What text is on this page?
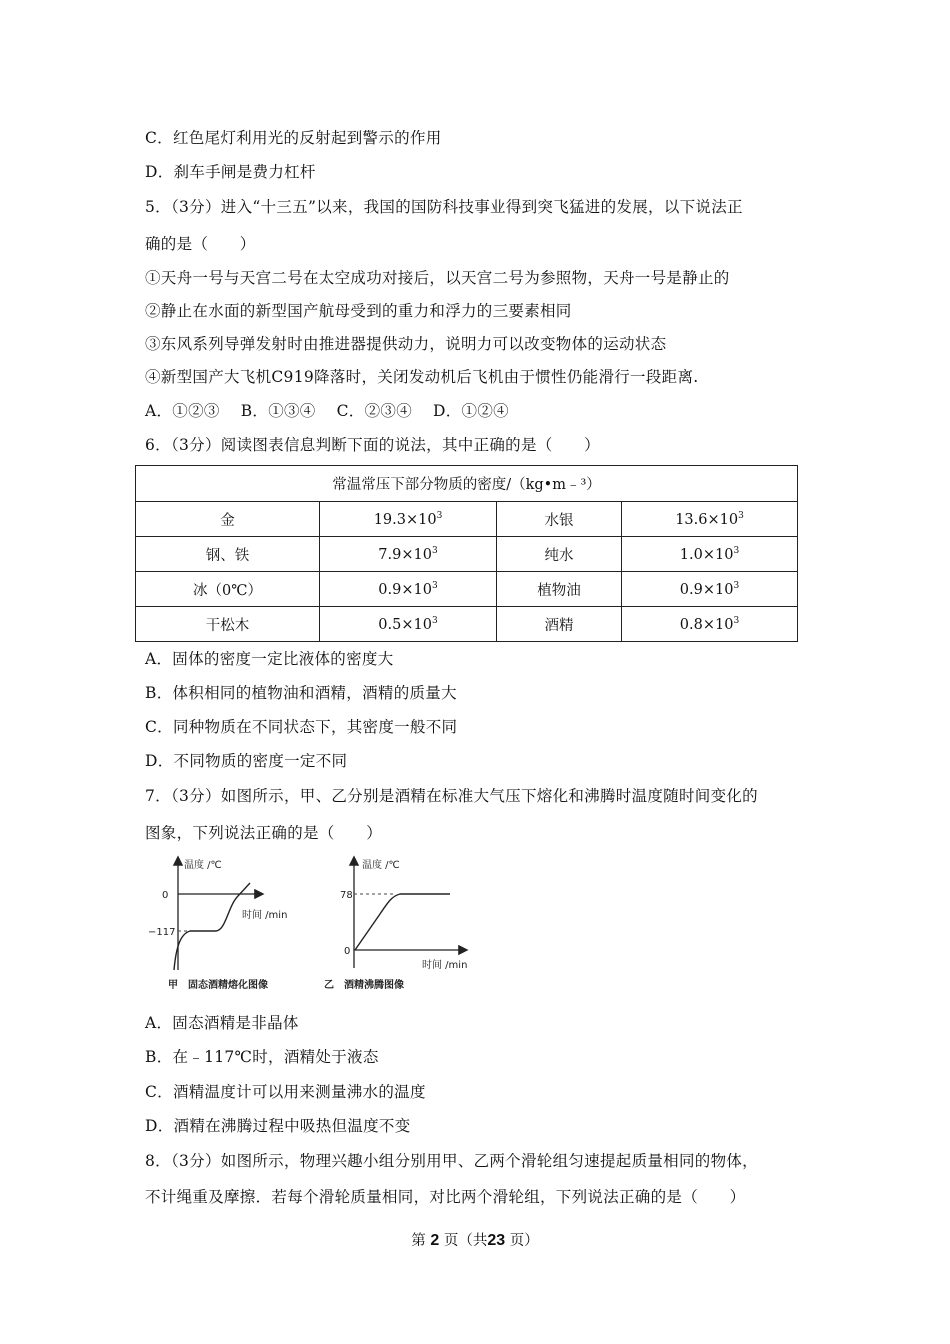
C．红色尾灯利用光的反射起到警示的作用
D．刹车手闸是费力杠杆
5．（3分）进入“十三五”以来，我国的国防科技事业得到突飞猛进的发展，以下说法正
确的是（　　）
①天舟一号与天宫二号在太空成功对接后，以天宫二号为参照物，天舟一号是静止的
②静止在水面的新型国产航母受到的重力和浮力的三要素相同
③东风系列导弹发射时由推进器提供动力，说明力可以改变物体的运动状态
④新型国产大飞机C919降落时，关闭发动机后飞机由于惯性仍能滑行一段距离.
A．①②③　 B．①③④　 C．②③④　 D．①②④
6．（3分）阅读图表信息判断下面的说法，其中正确的是（　　）
常温常压下部分物质的密度/（kg•m﹣³）			
金	$19.3\times 10^3$	水银	$13.6\times 10^3$
钢、铁	$7.9\times 10^3$	纯水	$1.0\times 10^3$
冰（0℃）	$0.9\times 10^3$	植物油	$0.9\times 10^3$
干松木	$0.5\times 10^3$	酒精	$0.8\times 10^3$
A．固体的密度一定比液体的密度大
B．体积相同的植物油和酒精，酒精的质量大
C．同种物质在不同状态下，其密度一般不同
D．不同物质的密度一定不同
7．（3分）如图所示，甲、乙分别是酒精在标准大气压下熔化和沸腾时温度随时间变化的
图象，下列说法正确的是（　　）
温度 /℃
时间 /min
0
−117
甲　固态酒精熔化图像
温度 /℃
时间 /min
78
0
乙　酒精沸腾图像
A．固态酒精是非晶体
B．在﹣117℃时，酒精处于液态
C．酒精温度计可以用来测量沸水的温度
D．酒精在沸腾过程中吸热但温度不变
8．（3分）如图所示，物理兴趣小组分别用甲、乙两个滑轮组匀速提起质量相同的物体，
不计绳重及摩擦．若每个滑轮质量相同，对比两个滑轮组，下列说法正确的是（　　）
第 2 页（共23 页）
